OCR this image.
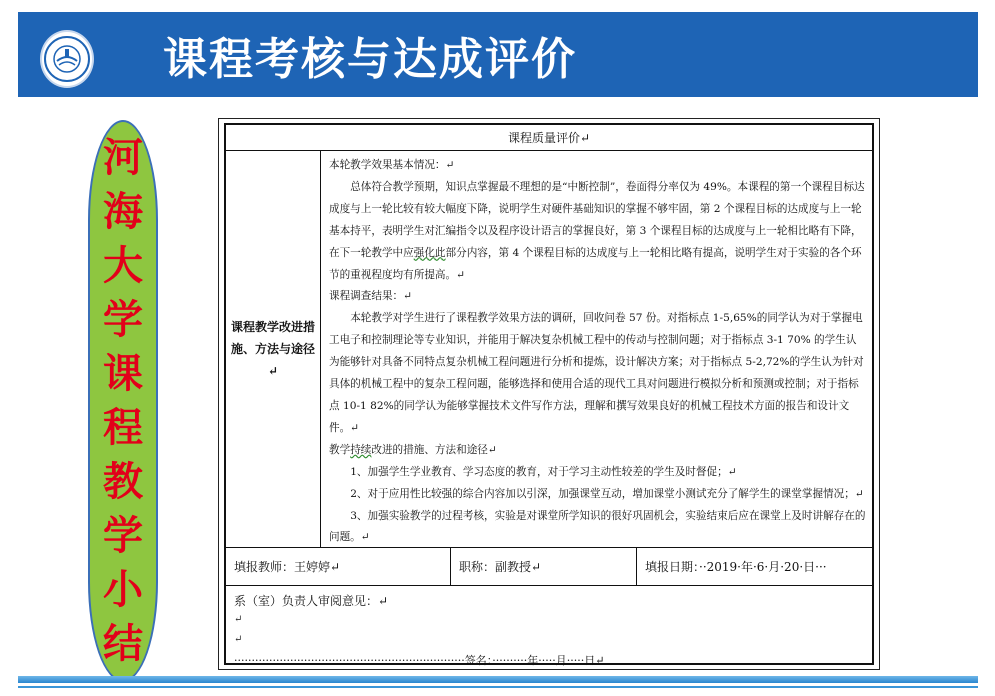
课程考核与达成评价
河
海
大
学
课
程
教
学
小
结
课程质量评价↵
课程教学改进措施、方法与途径↵
本轮教学效果基本情况：↵
总体符合教学预期，知识点掌握最不理想的是“中断控制”，卷面得分率仅为 49%。本课程的第一个课程目标达成度与上一轮比较有较大幅度下降，说明学生对硬件基础知识的掌握不够牢固，第 2 个课程目标的达成度与上一轮基本持平，表明学生对汇编指令以及程序设计语言的掌握良好，第 3 个课程目标的达成度与上一轮相比略有下降，在下一轮教学中应强化此部分内容，第 4 个课程目标的达成度与上一轮相比略有提高，说明学生对于实验的各个环节的重视程度均有所提高。↵
课程调查结果：↵
本轮教学对学生进行了课程教学效果方法的调研，回收问卷 57 份。对指标点 1-5,65%的同学认为对于掌握电工电子和控制理论等专业知识，并能用于解决复杂机械工程中的传动与控制问题；对于指标点 3-1 70% 的学生认为能够针对具备不同特点复杂机械工程问题进行分析和提炼，设计解决方案；对于指标点 5-2,72%的学生认为针对具体的机械工程中的复杂工程问题，能够选择和使用合适的现代工具对问题进行模拟分析和预测或控制；对于指标点 10-1 82%的同学认为能够掌握技术文件写作方法，理解和撰写效果良好的机械工程技术方面的报告和设计文件。↵
教学持续改进的措施、方法和途径↵
1、加强学生学业教育、学习态度的教育，对于学习主动性较差的学生及时督促；↵
2、对于应用性比较强的综合内容加以引深，加强课堂互动，增加课堂小测试充分了解学生的课堂掌握情况；↵
3、加强实验教学的过程考核，实验是对课堂所学知识的很好巩固机会，实验结束后应在课堂上及时讲解存在的问题。↵
填报教师：王婷婷↵	职称：副教授↵	填报日期：··2019·年·6·月·20·日···
系（室）负责人审阅意见：↵
↵
↵
··································································签名：··········年·····月·····日↵
